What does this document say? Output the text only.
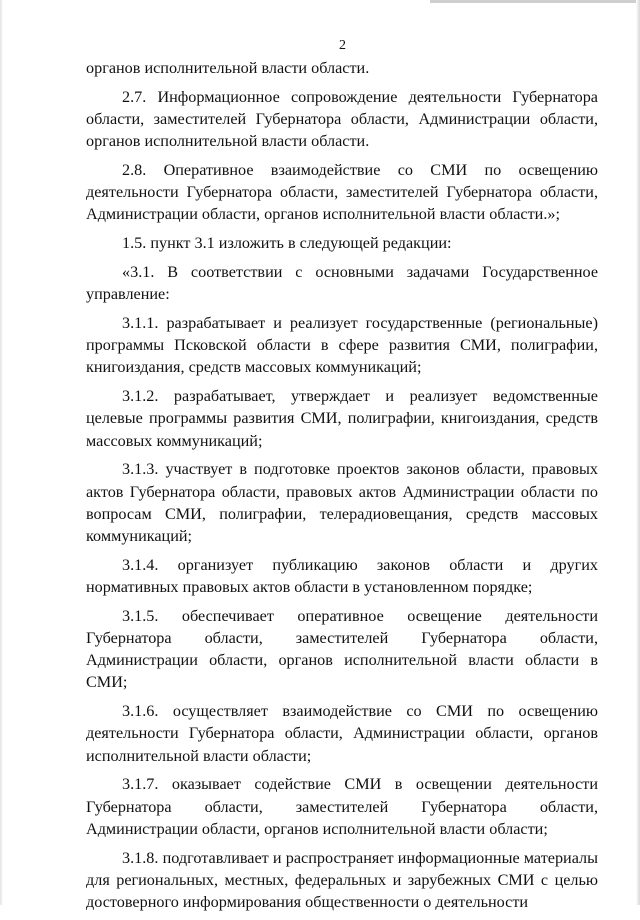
2

органов исполнительной власти области.

2.7. Информационное сопровождение деятельности Губернатора области, заместителей Губернатора области, Администрации области, органов исполнительной власти области.

2.8. Оперативное взаимодействие со СМИ по освещению деятельности Губернатора области, заместителей Губернатора области, Администрации области, органов исполнительной власти области.»;

1.5. пункт 3.1 изложить в следующей редакции:

«3.1. В соответствии с основными задачами Государственное управление:

3.1.1. разрабатывает и реализует государственные (региональные) программы Псковской области в сфере развития СМИ, полиграфии, книгоиздания, средств массовых коммуникаций;

3.1.2. разрабатывает, утверждает и реализует ведомственные целевые программы развития СМИ, полиграфии, книгоиздания, средств массовых коммуникаций;

3.1.3. участвует в подготовке проектов законов области, правовых актов Губернатора области, правовых актов Администрации области по вопросам СМИ, полиграфии, телерадиовещания, средств массовых коммуникаций;

3.1.4. организует публикацию законов области и других нормативных правовых актов области в установленном порядке;

3.1.5. обеспечивает оперативное освещение деятельности Губернатора области, заместителей Губернатора области, Администрации области, органов исполнительной власти области в СМИ;

3.1.6. осуществляет взаимодействие со СМИ по освещению деятельности Губернатора области, Администрации области, органов исполнительной власти области;

3.1.7. оказывает содействие СМИ в освещении деятельности Губернатора области, заместителей Губернатора области, Администрации области, органов исполнительной власти области;

3.1.8. подготавливает и распространяет информационные материалы для региональных, местных, федеральных и зарубежных СМИ с целью достоверного информирования общественности о деятельности
